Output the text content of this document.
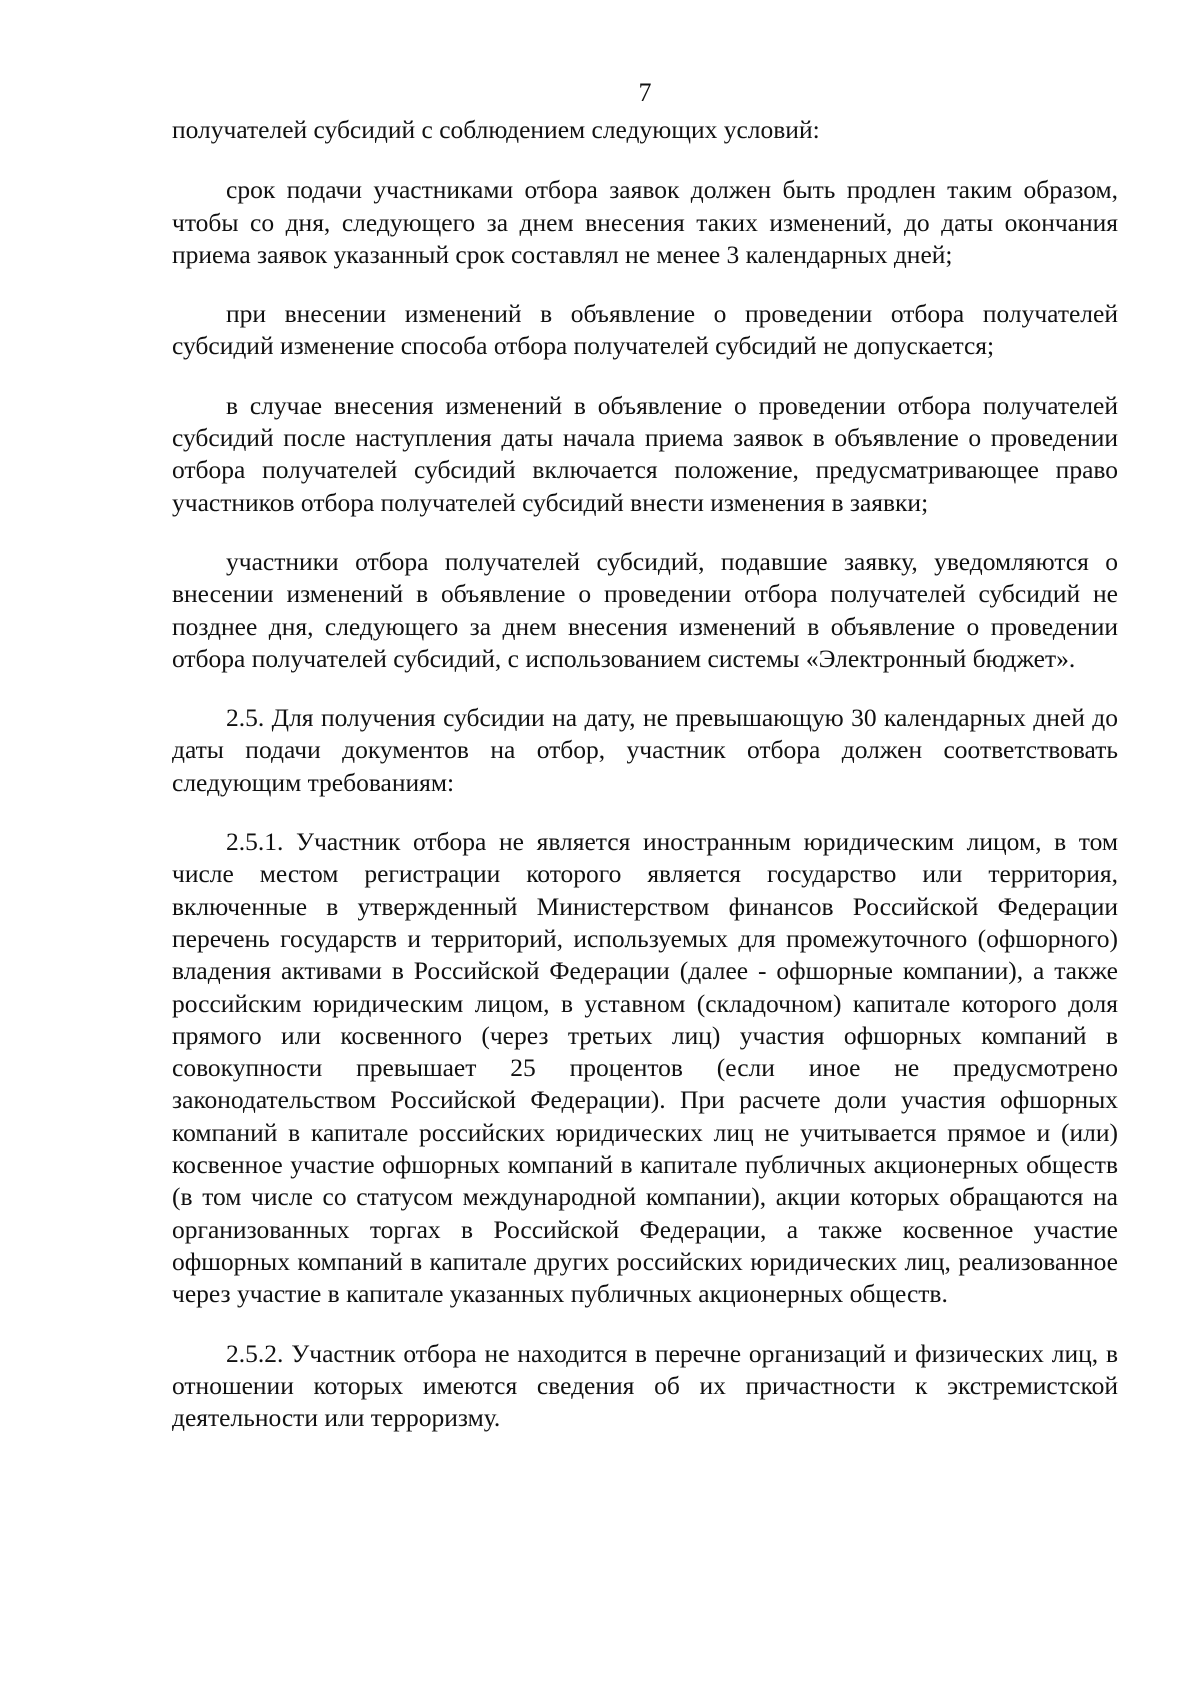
7

получателей субсидий с соблюдением следующих условий:

срок подачи участниками отбора заявок должен быть продлен таким образом, чтобы со дня, следующего за днем внесения таких изменений, до даты окончания приема заявок указанный срок составлял не менее 3 календарных дней;

при внесении изменений в объявление о проведении отбора получателей субсидий изменение способа отбора получателей субсидий не допускается;

в случае внесения изменений в объявление о проведении отбора получателей субсидий после наступления даты начала приема заявок в объявление о проведении отбора получателей субсидий включается положение, предусматривающее право участников отбора получателей субсидий внести изменения в заявки;

участники отбора получателей субсидий, подавшие заявку, уведомляются о внесении изменений в объявление о проведении отбора получателей субсидий не позднее дня, следующего за днем внесения изменений в объявление о проведении отбора получателей субсидий, с использованием системы «Электронный бюджет».

2.5. Для получения субсидии на дату, не превышающую 30 календарных дней до даты подачи документов на отбор, участник отбора должен соответствовать следующим требованиям:

2.5.1. Участник отбора не является иностранным юридическим лицом, в том числе местом регистрации которого является государство или территория, включенные в утвержденный Министерством финансов Российской Федерации перечень государств и территорий, используемых для промежуточного (офшорного) владения активами в Российской Федерации (далее - офшорные компании), а также российским юридическим лицом, в уставном (складочном) капитале которого доля прямого или косвенного (через третьих лиц) участия офшорных компаний в совокупности превышает 25 процентов (если иное не предусмотрено законодательством Российской Федерации). При расчете доли участия офшорных компаний в капитале российских юридических лиц не учитывается прямое и (или) косвенное участие офшорных компаний в капитале публичных акционерных обществ (в том числе со статусом международной компании), акции которых обращаются на организованных торгах в Российской Федерации, а также косвенное участие офшорных компаний в капитале других российских юридических лиц, реализованное через участие в капитале указанных публичных акционерных обществ.

2.5.2. Участник отбора не находится в перечне организаций и физических лиц, в отношении которых имеются сведения об их причастности к экстремистской деятельности или терроризму.
